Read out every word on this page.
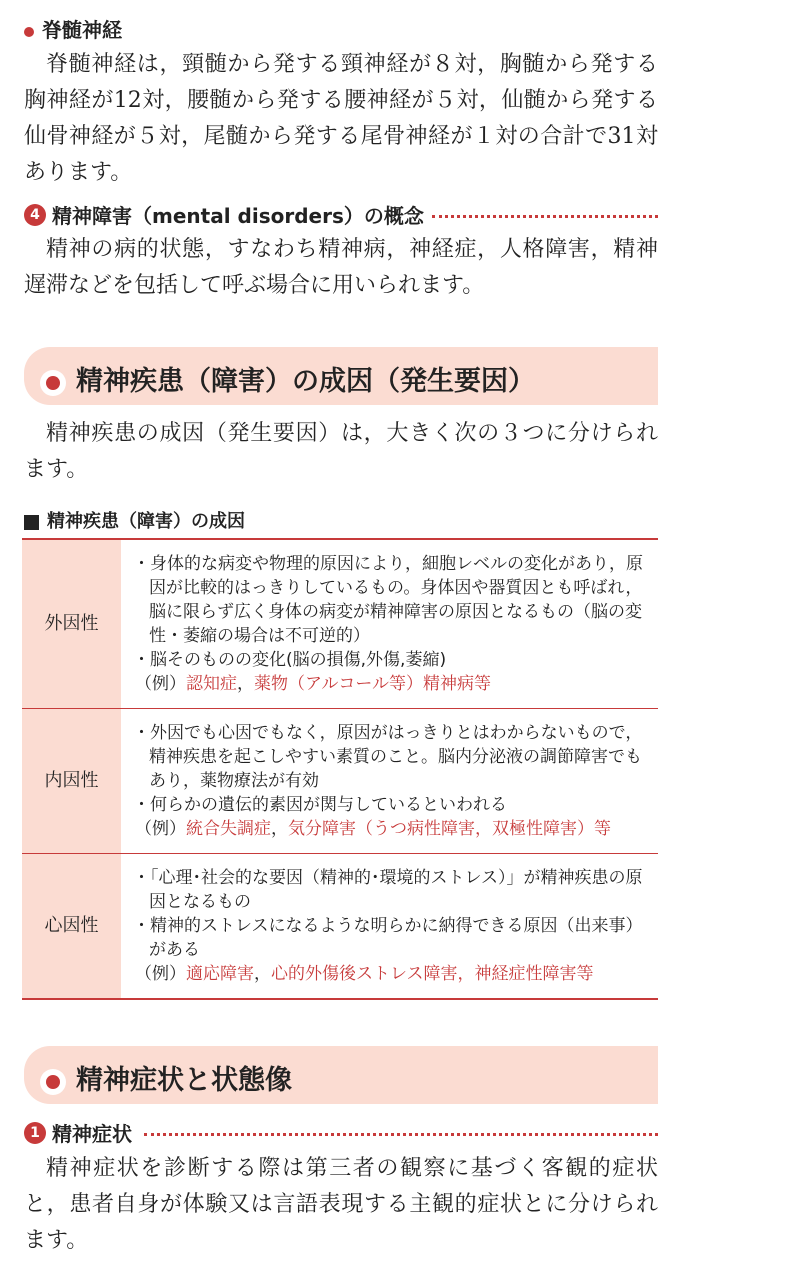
脊髄神経

脊髄神経は，頸髄から発する頸神経が８対，胸髄から発する胸神経が12対，腰髄から発する腰神経が５対，仙髄から発する仙骨神経が５対，尾髄から発する尾骨神経が１対の合計で31対あります。

4 精神障害（mental disorders）の概念

精神の病的状態，すなわち精神病，神経症，人格障害，精神遅滞などを包括して呼ぶ場合に用いられます。

精神疾患（障害）の成因（発生要因）

精神疾患の成因（発生要因）は，大きく次の３つに分けられます。

精神疾患（障害）の成因
外因性	・身体的な病変や物理的原因により，細胞レベルの変化があり，原因が比較的はっきりしているもの。身体因や器質因とも呼ばれ，脳に限らず広く身体の病変が精神障害の原因となるもの（脳の変性・萎縮の場合は不可逆的）
・脳そのものの変化(脳の損傷,外傷,萎縮)
（例）認知症，薬物（アルコール等）精神病等

内因性	・外因でも心因でもなく，原因がはっきりとはわからないもので，精神疾患を起こしやすい素質のこと。脳内分泌液の調節障害でもあり，薬物療法が有効
・何らかの遺伝的素因が関与しているといわれる
（例）統合失調症，気分障害（うつ病性障害，双極性障害）等

心因性	・「心理･社会的な要因（精神的･環境的ストレス）」が精神疾患の原因となるもの
・精神的ストレスになるような明らかに納得できる原因（出来事）がある
（例）適応障害，心的外傷後ストレス障害，神経症性障害等
精神症状と状態像
1 精神症状

精神症状を診断する際は第三者の観察に基づく客観的症状と，患者自身が体験又は言語表現する主観的症状とに分けられます。
